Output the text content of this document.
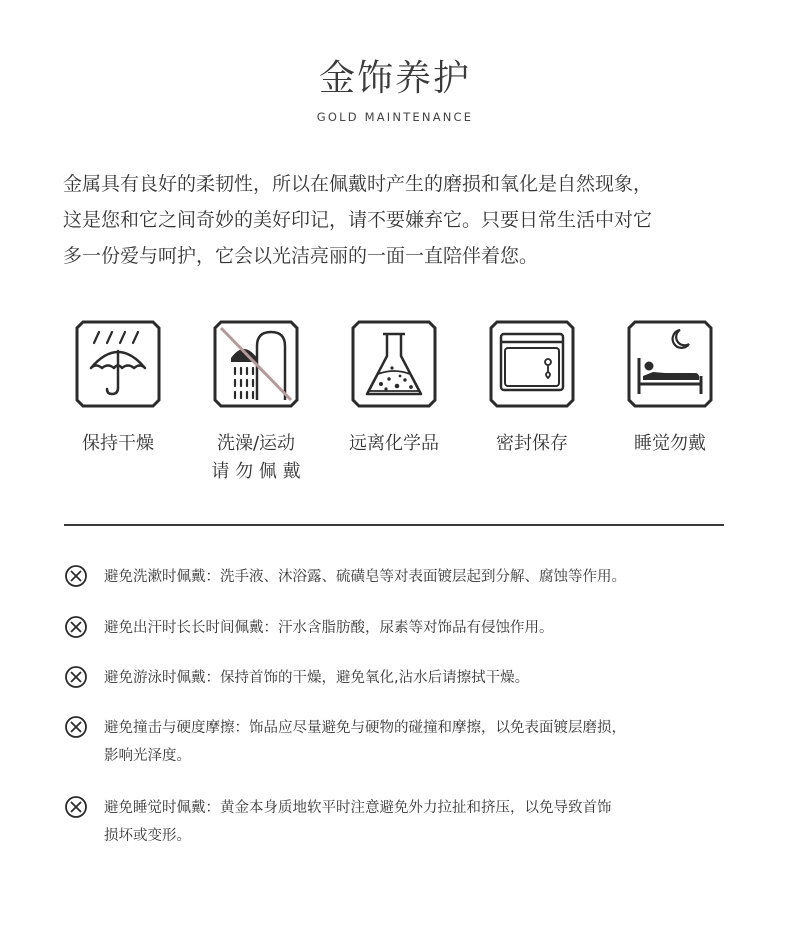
金饰养护
GOLD MAINTENANCE
金属具有良好的柔韧性，所以在佩戴时产生的磨损和氧化是自然现象，
这是您和它之间奇妙的美好印记，请不要嫌弃它。只要日常生活中对它
多一份爱与呵护，它会以光洁亮丽的一面一直陪伴着您。
保持干燥	洗澡/运动
请 勿 佩 戴
远离化学品	密封保存	睡觉勿戴
避免洗漱时佩戴：洗手液、沐浴露、硫磺皂等对表面镀层起到分解、腐蚀等作用。
避免出汗时长长时间佩戴：汗水含脂肪酸，尿素等对饰品有侵蚀作用。
避免游泳时佩戴：保持首饰的干燥，避免氧化,沾水后请擦拭干燥。
避免撞击与硬度摩擦：饰品应尽量避免与硬物的碰撞和摩擦，以免表面镀层磨损，
影响光泽度。
避免睡觉时佩戴：黄金本身质地软平时注意避免外力拉扯和挤压，以免导致首饰
损坏或变形。
